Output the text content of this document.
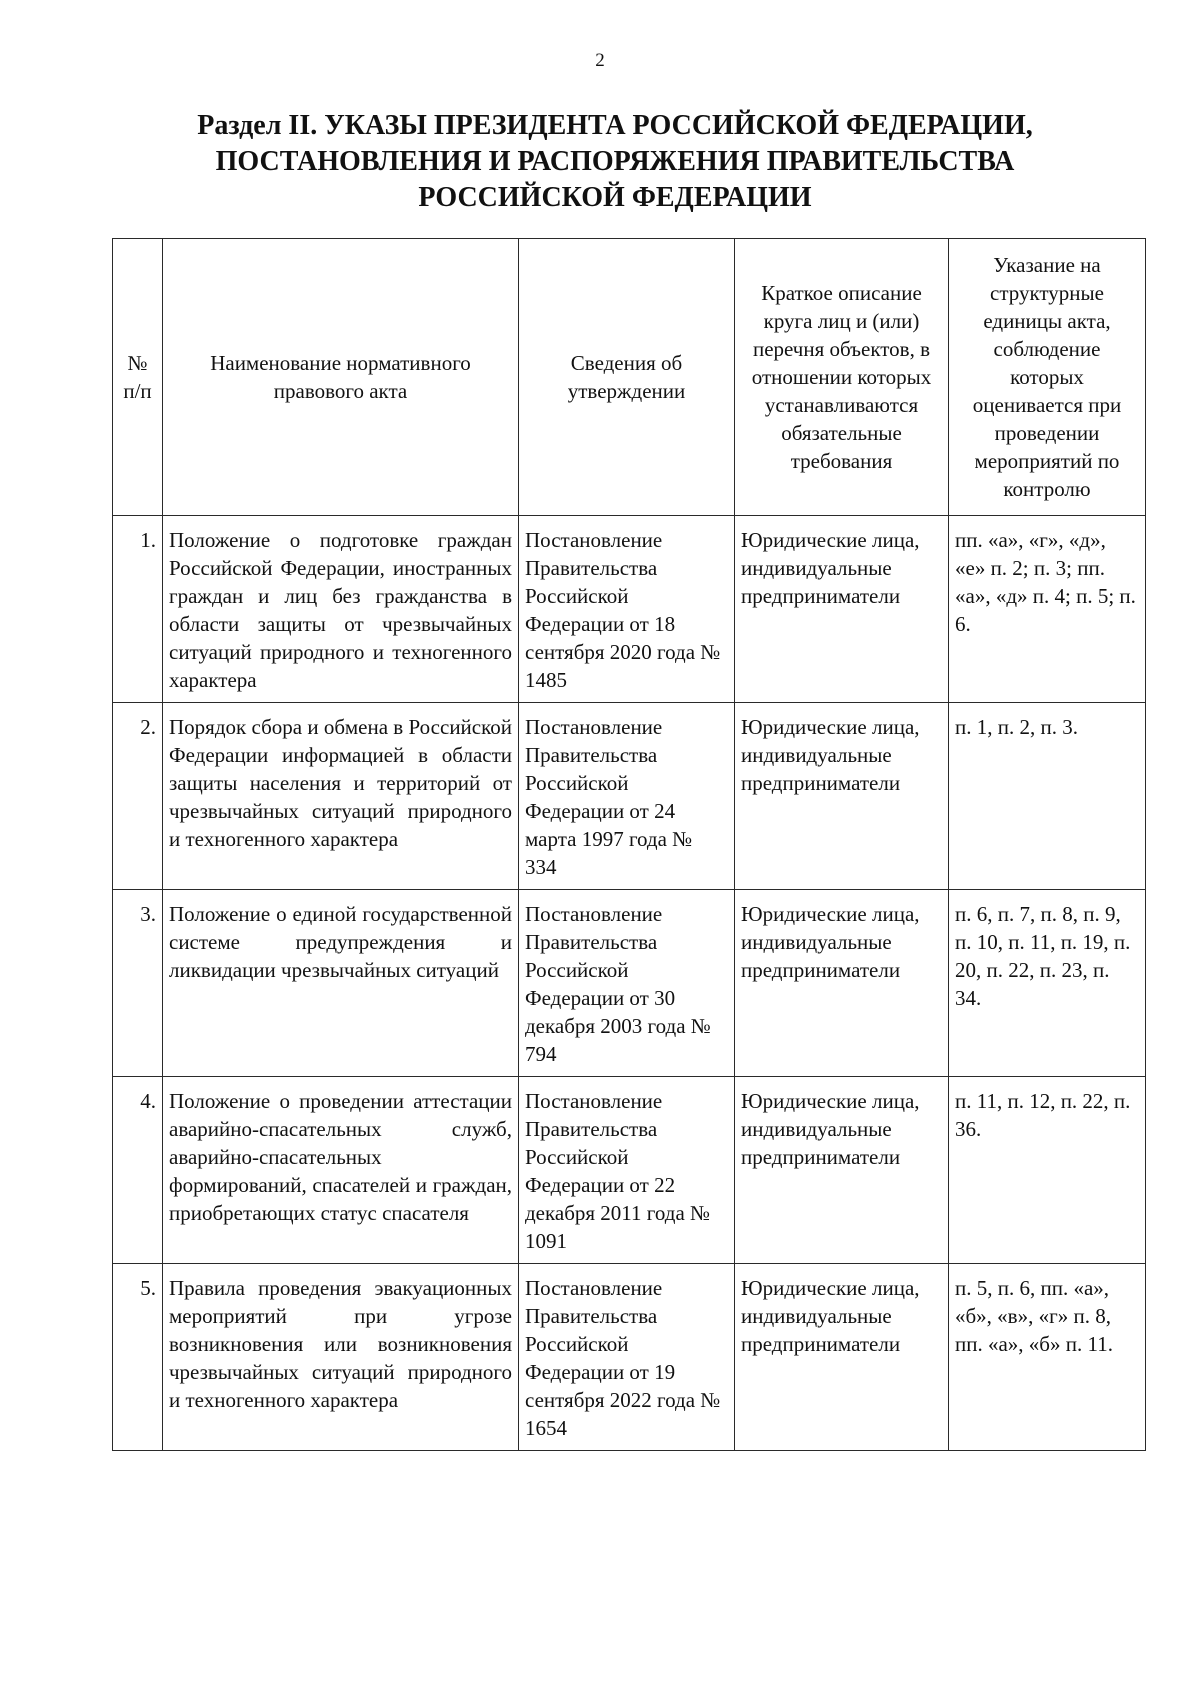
2
Раздел II. УКАЗЫ ПРЕЗИДЕНТА РОССИЙСКОЙ ФЕДЕРАЦИИ,
ПОСТАНОВЛЕНИЯ И РАСПОРЯЖЕНИЯ ПРАВИТЕЛЬСТВА
РОССИЙСКОЙ ФЕДЕРАЦИИ
№ п/п	Наименование нормативного правового акта	Сведения об утверждении	Краткое описание круга лиц и (или) перечня объектов, в отношении которых устанавливаются обязательные требования	Указание на структурные единицы акта, соблюдение которых оценивается при проведении мероприятий по контролю
1.	Положение о подготовке граждан Российской Федерации, иностранных граждан и лиц без гражданства в области защиты от чрезвычайных ситуаций природного и техногенного характера	Постановление Правительства Российской Федерации от 18 сентября 2020 года № 1485	Юридические лица, индивидуальные предприниматели	пп. «а», «г», «д», «е» п. 2; п. 3; пп. «а», «д» п. 4; п. 5; п. 6.
2.	Порядок сбора и обмена в Российской Федерации информацией в области защиты населения и территорий от чрезвычайных ситуаций природного и техногенного характера	Постановление Правительства Российской Федерации от 24 марта 1997 года № 334	Юридические лица, индивидуальные предприниматели	п. 1, п. 2, п. 3.
3.	Положение о единой государственной системе предупреждения и ликвидации чрезвычайных ситуаций	Постановление Правительства Российской Федерации от 30 декабря 2003 года № 794	Юридические лица, индивидуальные предприниматели	п. 6, п. 7, п. 8, п. 9, п. 10, п. 11, п. 19, п. 20, п. 22, п. 23, п. 34.
4.	Положение о проведении аттестации аварийно-спасательных служб, аварийно-спасательных формирований, спасателей и граждан, приобретающих статус спасателя	Постановление Правительства Российской Федерации от 22 декабря 2011 года № 1091	Юридические лица, индивидуальные предприниматели	п. 11, п. 12, п. 22, п. 36.
5.	Правила проведения эвакуационных мероприятий при угрозе возникновения или возникновения чрезвычайных ситуаций природного и техногенного характера	Постановление Правительства Российской Федерации от 19 сентября 2022 года № 1654	Юридические лица, индивидуальные предприниматели	п. 5, п. 6, пп. «а», «б», «в», «г» п. 8, пп. «а», «б» п. 11.
